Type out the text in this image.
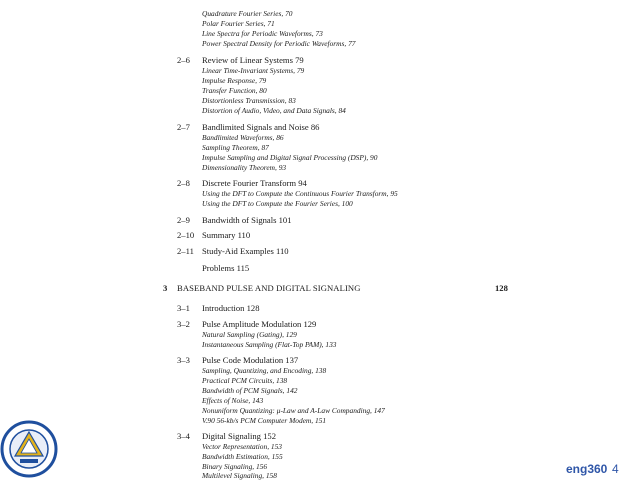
Quadrature Fourier Series, 70
Polar Fourier Series, 71
Line Spectra for Periodic Waveforms, 73
Power Spectral Density for Periodic Waveforms, 77
2–6 Review of Linear Systems 79
Linear Time-Invariant Systems, 79
Impulse Response, 79
Transfer Function, 80
Distortionless Transmission, 83
Distortion of Audio, Video, and Data Signals, 84
2–7 Bandlimited Signals and Noise 86
Bandlimited Waveforms, 86
Sampling Theorem, 87
Impulse Sampling and Digital Signal Processing (DSP), 90
Dimensionality Theorem, 93
2–8 Discrete Fourier Transform 94
Using the DFT to Compute the Continuous Fourier Transform, 95
Using the DFT to Compute the Fourier Series, 100
2–9 Bandwidth of Signals 101
2–10 Summary 110
2–11 Study-Aid Examples 110
Problems 115
3 BASEBAND PULSE AND DIGITAL SIGNALING	128
3–1 Introduction 128
3–2 Pulse Amplitude Modulation 129
Natural Sampling (Gating), 129
Instantaneous Sampling (Flat-Top PAM), 133
3–3 Pulse Code Modulation 137
Sampling, Quantizing, and Encoding, 138
Practical PCM Circuits, 138
Bandwidth of PCM Signals, 142
Effects of Noise, 143
Nonuniform Quantizing: μ-Law and A-Law Companding, 147
V.90 56-kb/s PCM Computer Modem, 151
3–4 Digital Signaling 152
Vector Representation, 153
Bandwidth Estimation, 155
Binary Signaling, 156
Multilevel Signaling, 158	eng360 4
